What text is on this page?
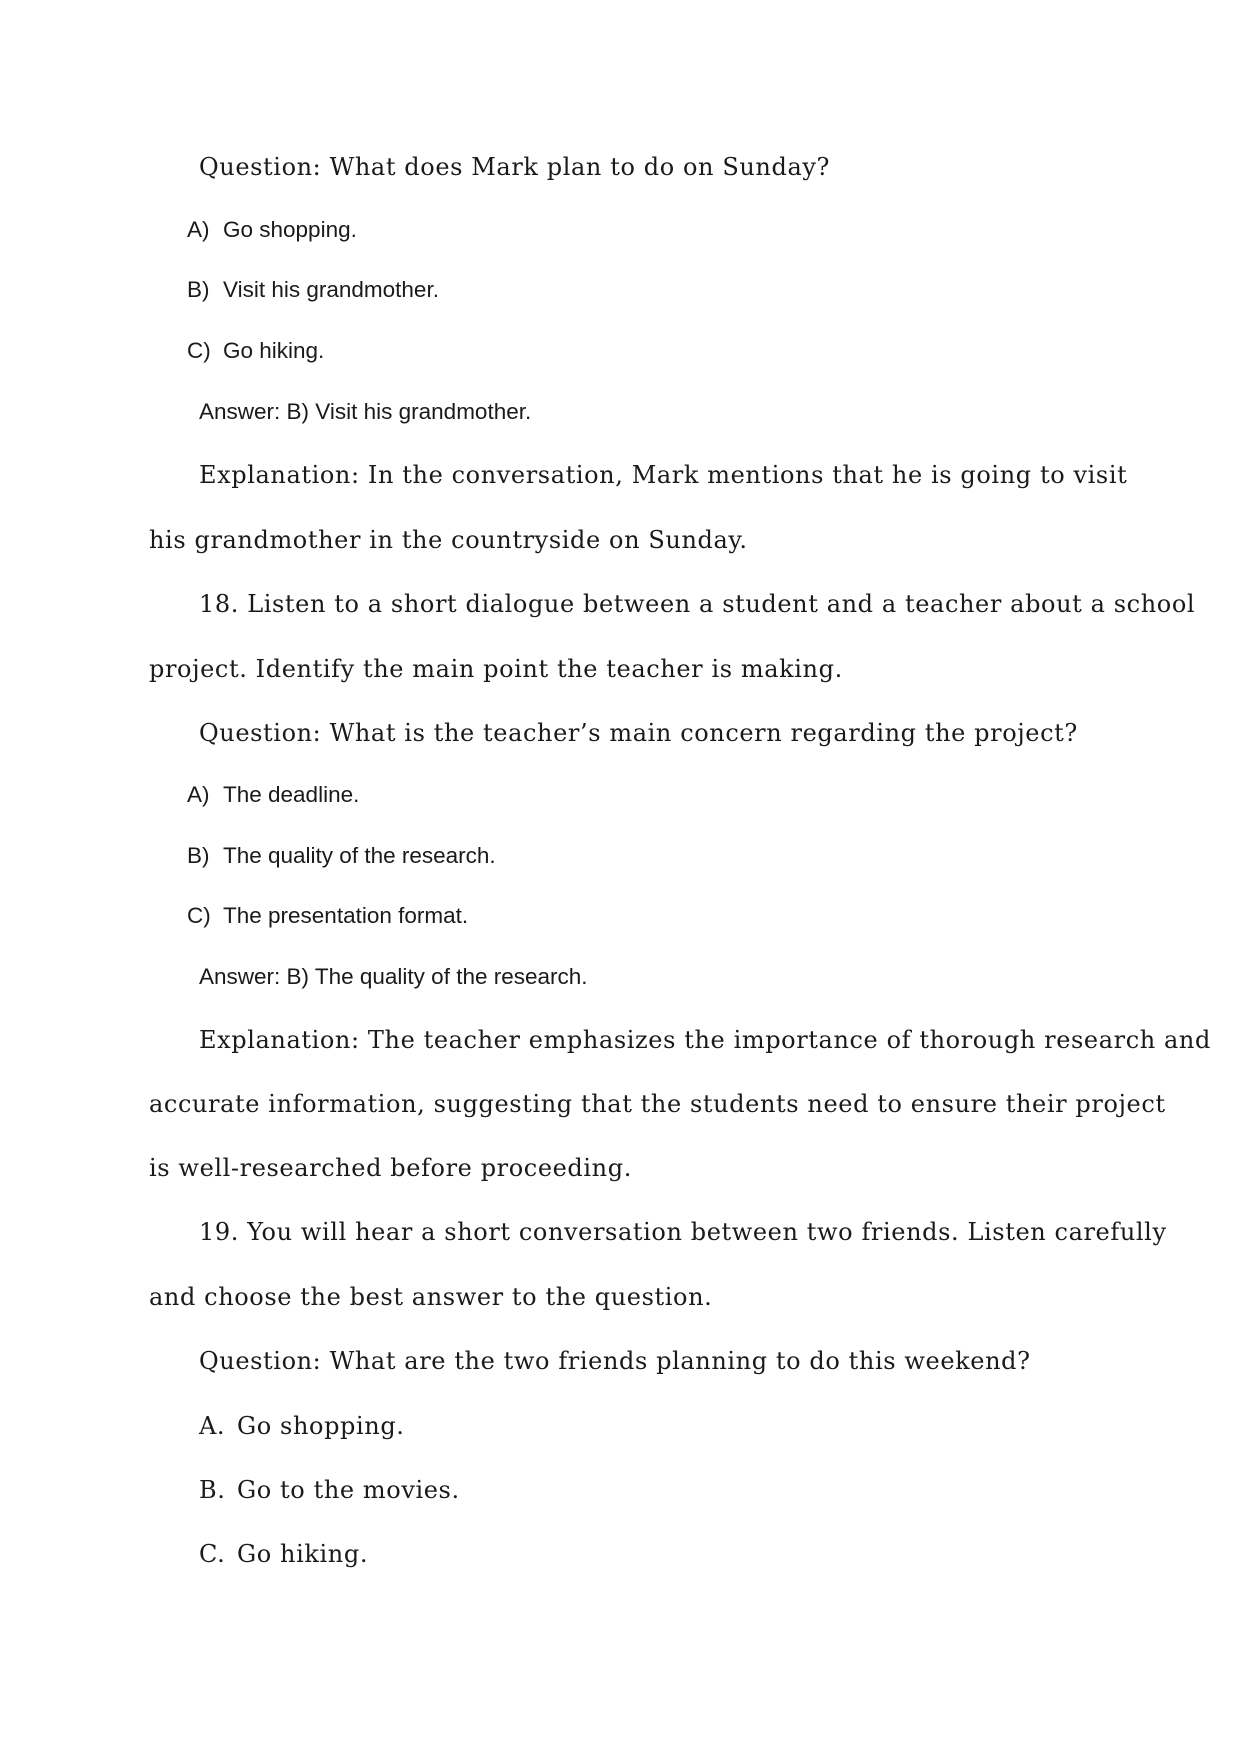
Question: What does Mark plan to do on Sunday?
A) Go shopping.
B) Visit his grandmother.
C) Go hiking.
Answer: B) Visit his grandmother.
Explanation: In the conversation, Mark mentions that he is going to visit
his grandmother in the countryside on Sunday.
18. Listen to a short dialogue between a student and a teacher about a school
project. Identify the main point the teacher is making.
Question: What is the teacher’s main concern regarding the project?
A) The deadline.
B) The quality of the research.
C) The presentation format.
Answer: B) The quality of the research.
Explanation: The teacher emphasizes the importance of thorough research and
accurate information, suggesting that the students need to ensure their project
is well-researched before proceeding.
19. You will hear a short conversation between two friends. Listen carefully
and choose the best answer to the question.
Question: What are the two friends planning to do this weekend?
A. Go shopping.
B. Go to the movies.
C. Go hiking.
